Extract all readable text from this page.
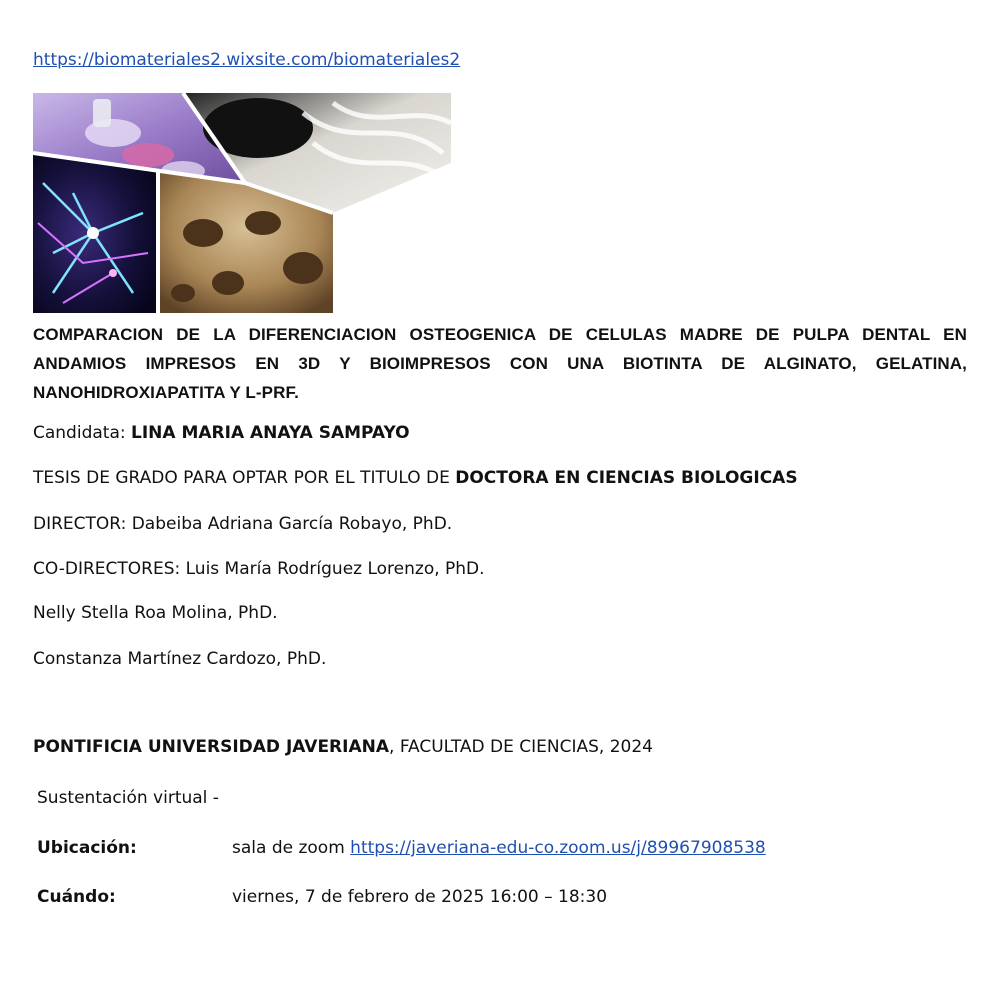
https://biomateriales2.wixsite.com/biomateriales2
COMPARACION DE LA DIFERENCIACION OSTEOGENICA DE CELULAS MADRE DE PULPA DENTAL EN ANDAMIOS IMPRESOS EN 3D Y BIOIMPRESOS CON UNA BIOTINTA DE ALGINATO, GELATINA, NANOHIDROXIAPATITA Y L-PRF.
Candidata: LINA MARIA ANAYA SAMPAYO
TESIS DE GRADO PARA OPTAR POR EL TITULO DE DOCTORA EN CIENCIAS BIOLOGICAS
DIRECTOR: Dabeiba Adriana García Robayo, PhD.
CO-DIRECTORES: Luis María Rodríguez Lorenzo, PhD.
Nelly Stella Roa Molina, PhD.
Constanza Martínez Cardozo, PhD.
PONTIFICIA UNIVERSIDAD JAVERIANA, FACULTAD DE CIENCIAS, 2024
Sustentación virtual -
Ubicación:	sala de zoom https://javeriana-edu-co.zoom.us/j/89967908538
Cuándo:	viernes, 7 de febrero de 2025 16:00 – 18:30
